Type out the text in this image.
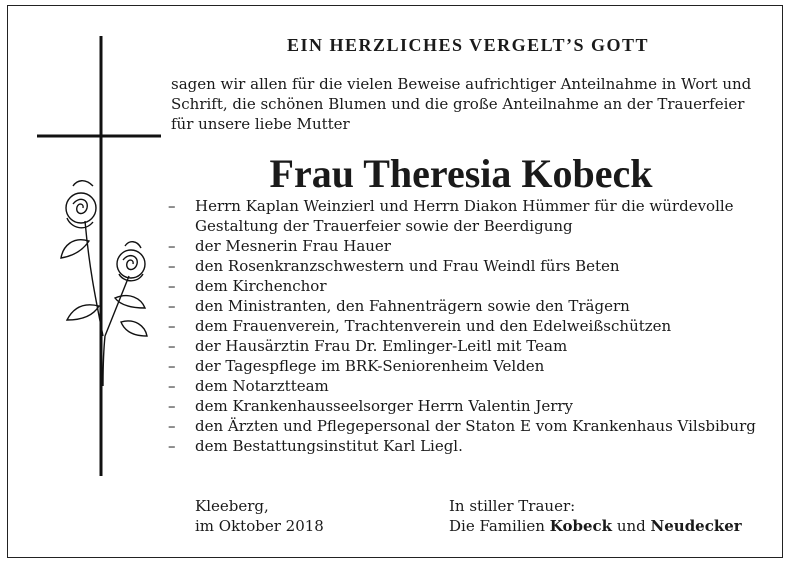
EIN HERZLICHES VERGELT’S GOTT

sagen wir allen für die vielen Beweise aufrichtiger Anteilnahme in Wort und Schrift, die schönen Blumen und die große Anteilnahme an der Trauerfeier für unsere liebe Mutter

Frau Theresia Kobeck
– Herrn Kaplan Weinzierl und Herrn Diakon Hümmer für die würdevolle Gestaltung der Trauerfeier sowie der Beerdigung
– der Mesnerin Frau Hauer
– den Rosenkranzschwestern und Frau Weindl fürs Beten
– dem Kirchenchor
– den Ministranten, den Fahnenträgern sowie den Trägern
– dem Frauenverein, Trachtenverein und den Edelweißschützen
– der Hausärztin Frau Dr. Emlinger-Leitl mit Team
– der Tagespflege im BRK-Seniorenheim Velden
– dem Notarztteam
– dem Krankenhausseelsorger Herrn Valentin Jerry
– den Ärzten und Pflegepersonal der Staton E vom Krankenhaus Vilsbiburg
– dem Bestattungsinstitut Karl Liegl.
Kleeberg,
im Oktober 2018
In stiller Trauer:
Die Familien Kobeck und Neudecker
